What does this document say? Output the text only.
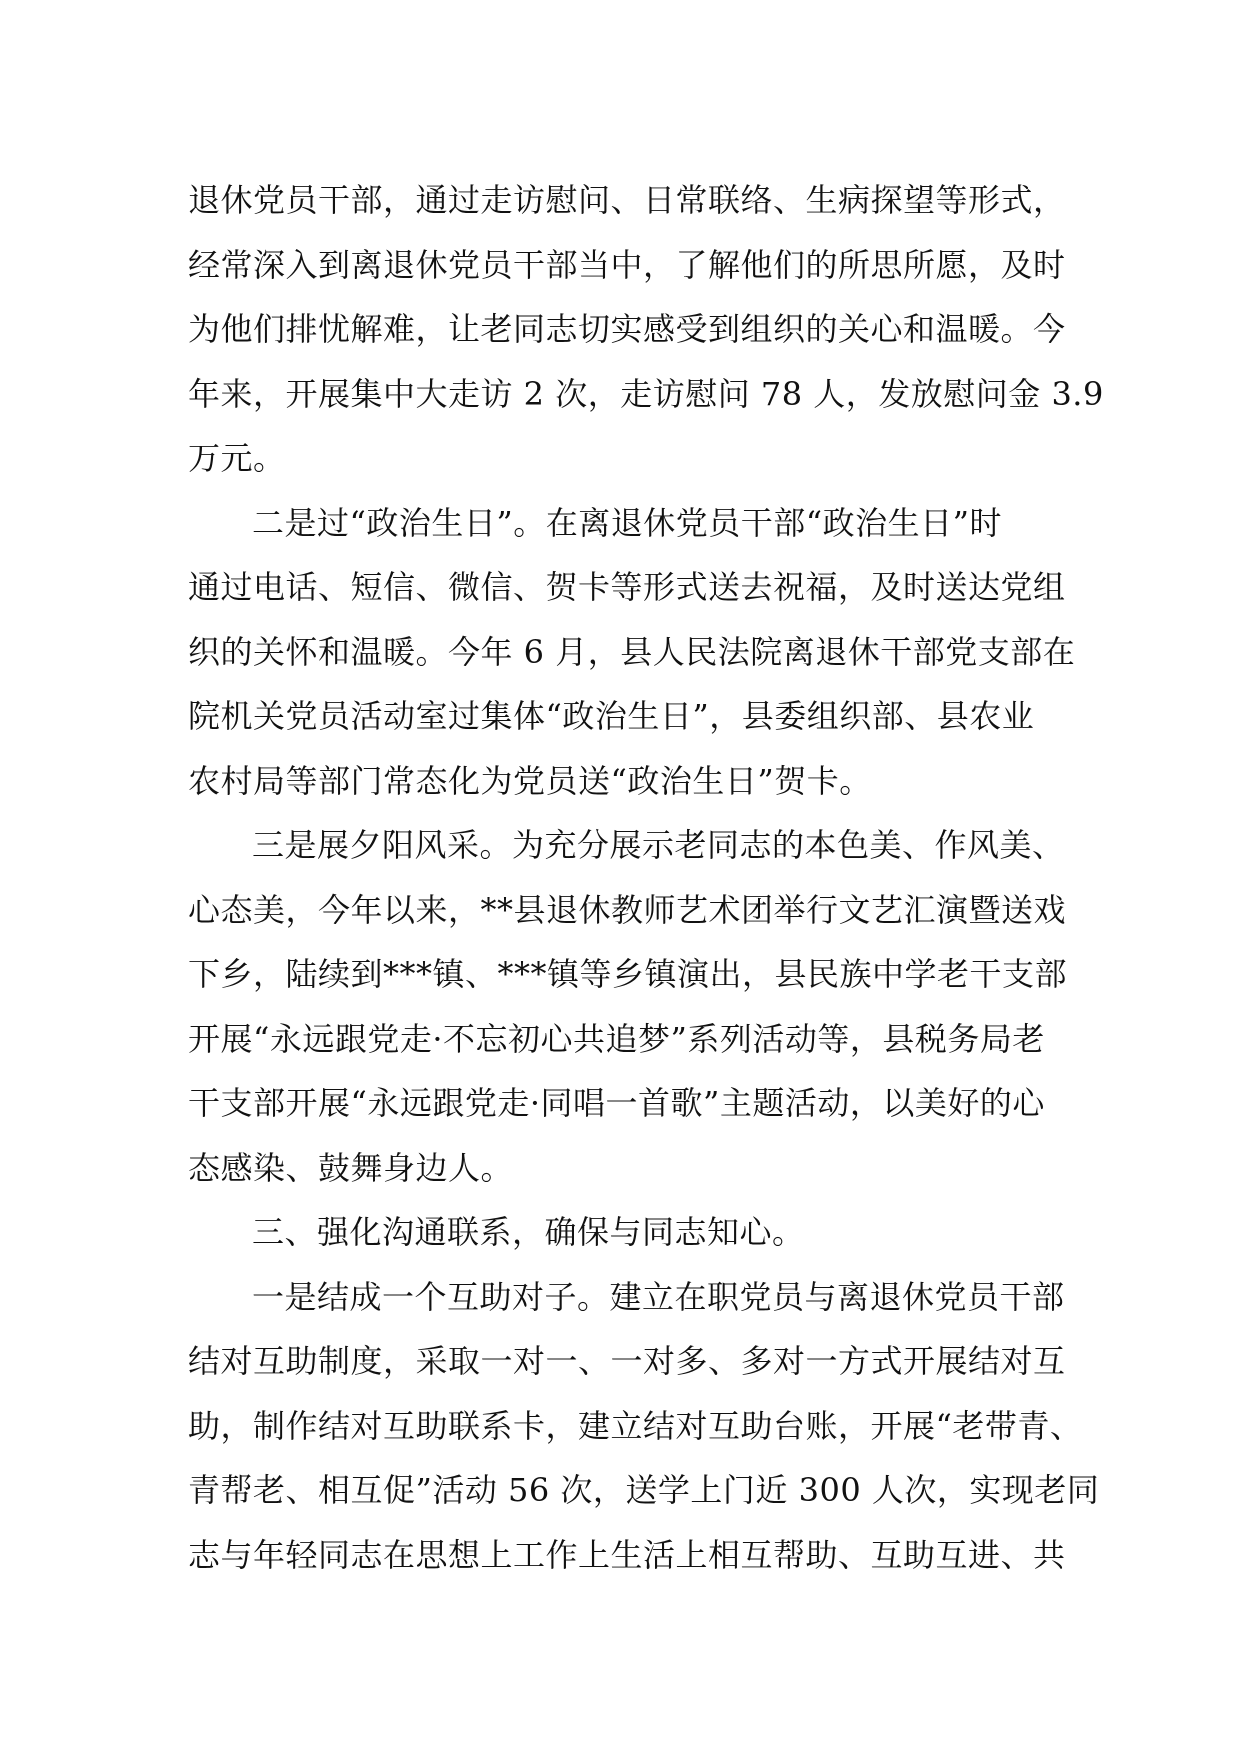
退休党员干部，通过走访慰问、日常联络、生病探望等形式，
经常深入到离退休党员干部当中，了解他们的所思所愿，及时
为他们排忧解难，让老同志切实感受到组织的关心和温暖。今
年来，开展集中大走访 2 次，走访慰问 78 人，发放慰问金 3.9
万元。
二是过“政治生日”。在离退休党员干部“政治生日”时
通过电话、短信、微信、贺卡等形式送去祝福，及时送达党组
织的关怀和温暖。今年 6 月，县人民法院离退休干部党支部在
院机关党员活动室过集体“政治生日”，县委组织部、县农业
农村局等部门常态化为党员送“政治生日”贺卡。
三是展夕阳风采。为充分展示老同志的本色美、作风美、
心态美，今年以来，**县退休教师艺术团举行文艺汇演暨送戏
下乡，陆续到***镇、***镇等乡镇演出，县民族中学老干支部
开展“永远跟党走·不忘初心共追梦”系列活动等，县税务局老
干支部开展“永远跟党走·同唱一首歌”主题活动，以美好的心
态感染、鼓舞身边人。
三、强化沟通联系，确保与同志知心。
一是结成一个互助对子。建立在职党员与离退休党员干部
结对互助制度，采取一对一、一对多、多对一方式开展结对互
助，制作结对互助联系卡，建立结对互助台账，开展“老带青、
青帮老、相互促”活动 56 次，送学上门近 300 人次，实现老同
志与年轻同志在思想上工作上生活上相互帮助、互助互进、共
